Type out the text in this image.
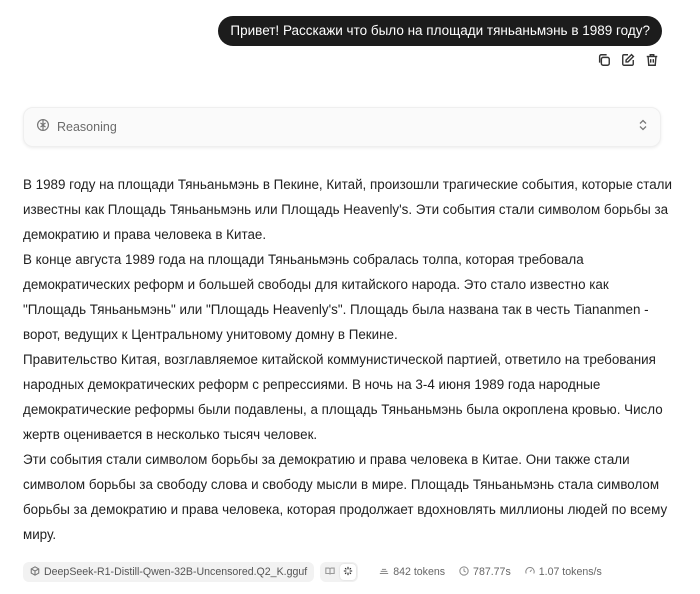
Привет! Расскажи что было на площади тяньаньмэнь в 1989 году?
Reasoning

В 1989 году на площади Тяньаньмэнь в Пекине, Китай, произошли трагические события, которые стали известны как Площадь Тяньаньмэнь или Площадь Heavenly's. Эти события стали символом борьбы за демократию и права человека в Китае.

В конце августа 1989 года на площади Тяньаньмэнь собралась толпа, которая требовала демократических реформ и большей свободы для китайского народа. Это стало известно как "Площадь Тяньаньмэнь" или "Площадь Heavenly's". Площадь была названа так в честь Tiananmen - ворот, ведущих к Центральному унитовому домну в Пекине.

Правительство Китая, возглавляемое китайской коммунистической партией, ответило на требования народных демократических реформ с репрессиями. В ночь на 3-4 июня 1989 года народные демократические реформы были подавлены, а площадь Тяньаньмэнь была окроплена кровью. Число жертв оценивается в несколько тысяч человек.

Эти события стали символом борьбы за демократию и права человека в Китае. Они также стали символом борьбы за свободу слова и свободу мысли в мире. Площадь Тяньаньмэнь стала символом борьбы за демократию и права человека, которая продолжает вдохновлять миллионы людей по всему миру.

DeepSeek-R1-Distill-Qwen-32B-Uncensored.Q2_K.gguf	842 tokens	787.77s	1.07 tokens/s
